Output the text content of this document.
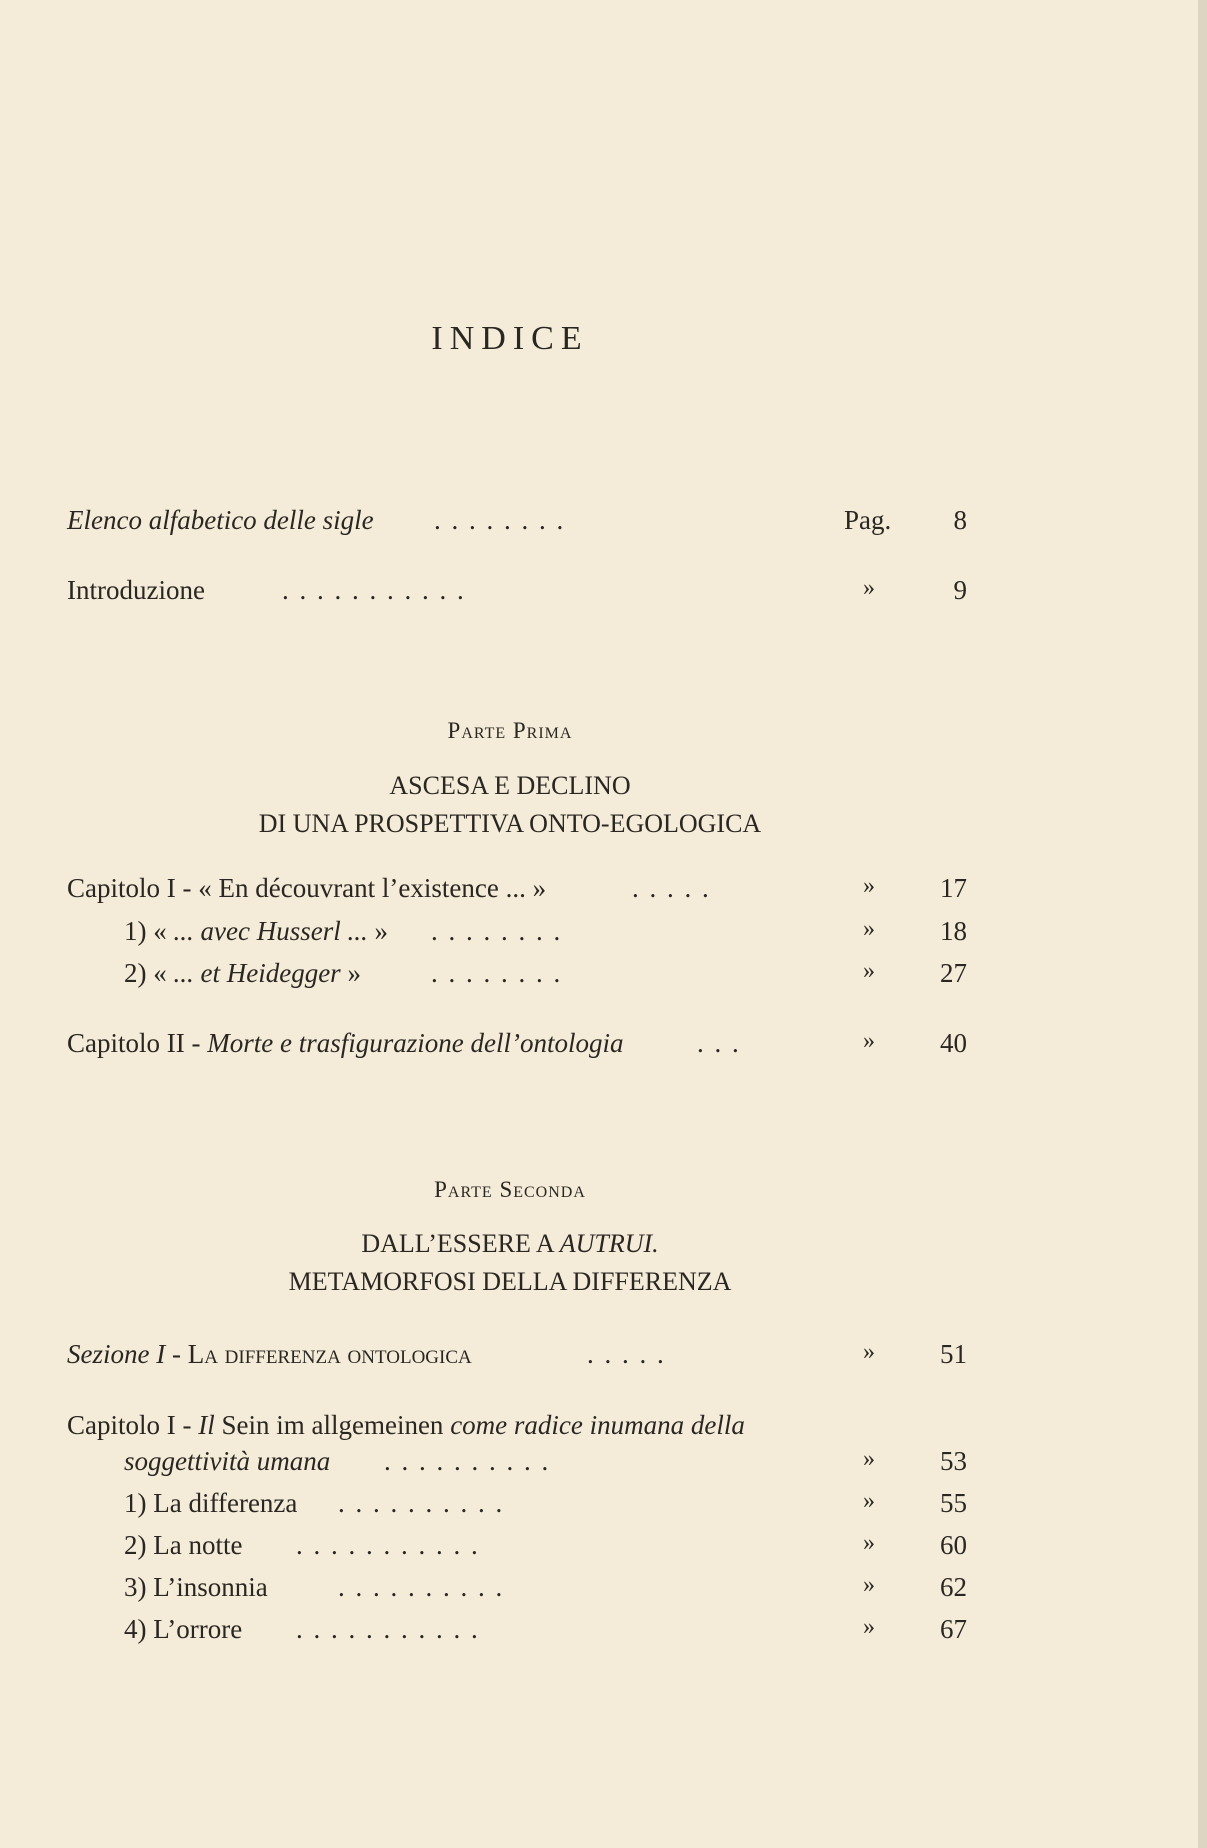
INDICE
Elenco alfabetico delle sigle . . . . . . . .	Pag.	8
Introduzione	. . . . . . . . . . .	»	9
Parte Prima
ASCESA E DECLINO
DI UNA PROSPETTIVA ONTO-EGOLOGICA
Capitolo I - « En découvrant l’existence ... »	. . . . .	»	17
1) « ... avec Husserl ... » . . . . . . . .	»	18
2) « ... et Heidegger »	. . . . . . . .	»	27
Capitolo II - Morte e trasfigurazione dell’ontologia	. . .	»	40
Parte Seconda
DALL’ESSERE A AUTRUI.
METAMORFOSI DELLA DIFFERENZA
Sezione I - La differenza ontologica	. . . . .	»	51
Capitolo I - Il Sein im allgemeinen come radice inumana della
soggettività umana . . . . . . . . . .	»	53
1) La differenza . . . . . . . . . .	»	55
2) La notte . . . . . . . . . . .	»	60
3) L’insonnia	. . . . . . . . . .	»	62
4) L’orrore . . . . . . . . . . .	»	67
